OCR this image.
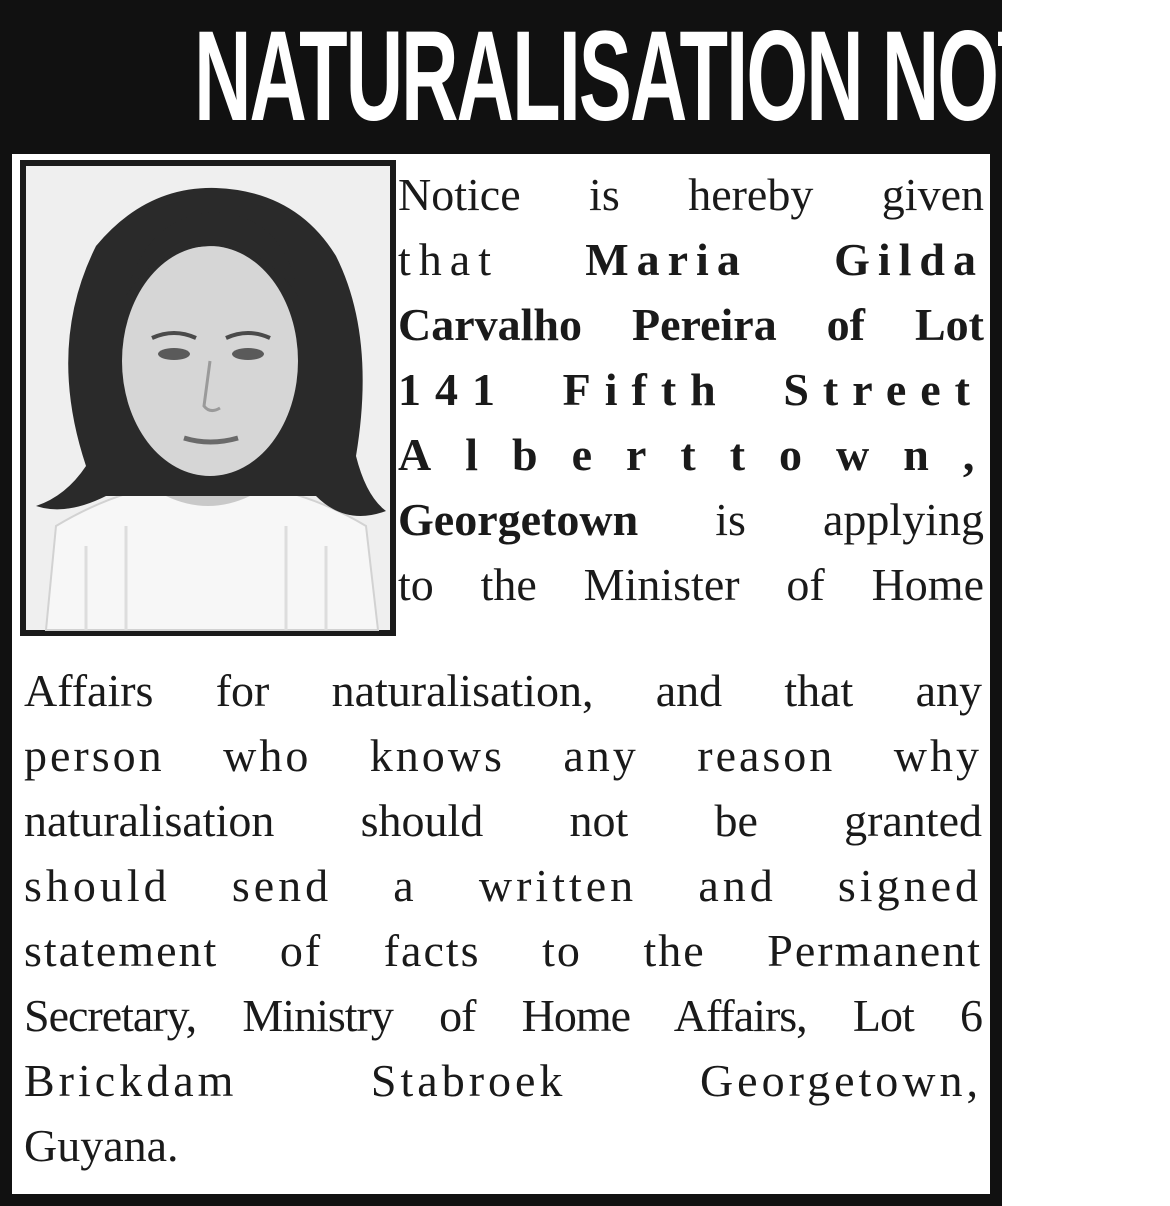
NATURALISATION NOTICE
Notice is hereby given
that Maria Gilda
Carvalho Pereira of Lot
141 Fifth Street
Alberttown,
Georgetown is applying
to the Minister of Home
Affairs for naturalisation, and that any
person who knows any reason why
naturalisation should not be granted
should send a written and signed
statement of facts to the Permanent
Secretary, Ministry of Home Affairs, Lot 6
Brickdam Stabroek Georgetown,
Guyana.
